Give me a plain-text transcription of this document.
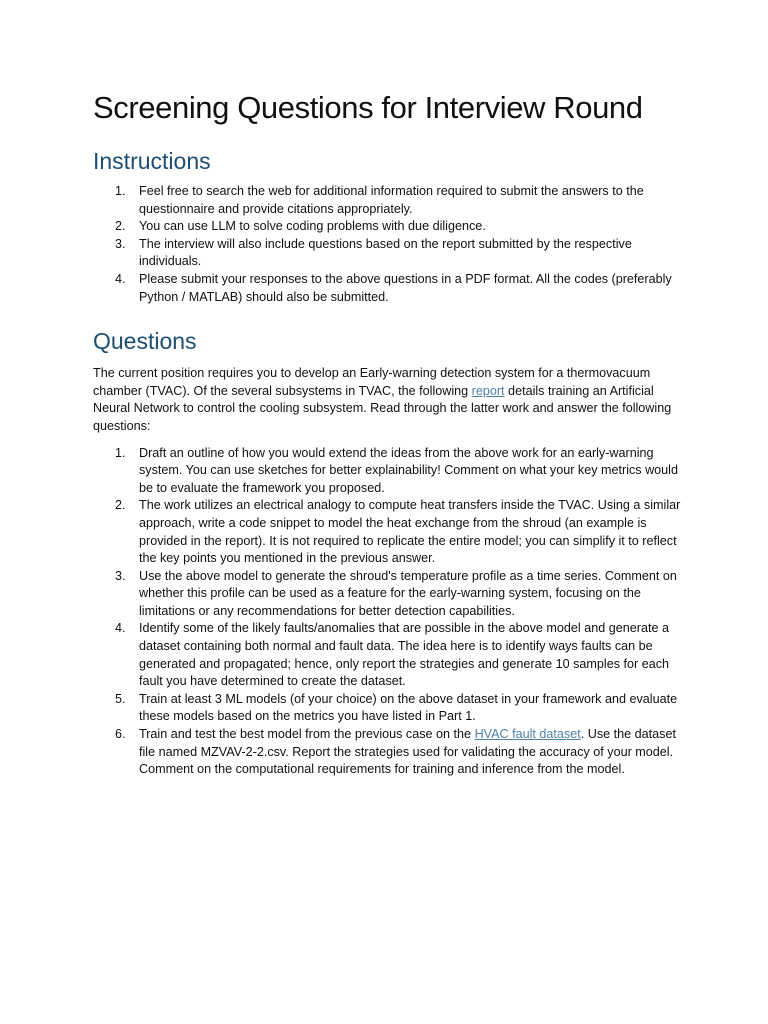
Screening Questions for Interview Round
Instructions
1. Feel free to search the web for additional information required to submit the answers to the questionnaire and provide citations appropriately.
2. You can use LLM to solve coding problems with due diligence.
3. The interview will also include questions based on the report submitted by the respective individuals.
4. Please submit your responses to the above questions in a PDF format. All the codes (preferably Python / MATLAB) should also be submitted.
Questions

The current position requires you to develop an Early-warning detection system for a thermovacuum chamber (TVAC). Of the several subsystems in TVAC, the following report details training an Artificial Neural Network to control the cooling subsystem. Read through the latter work and answer the following questions:

1. Draft an outline of how you would extend the ideas from the above work for an early-warning system. You can use sketches for better explainability! Comment on what your key metrics would be to evaluate the framework you proposed.
2. The work utilizes an electrical analogy to compute heat transfers inside the TVAC. Using a similar approach, write a code snippet to model the heat exchange from the shroud (an example is provided in the report). It is not required to replicate the entire model; you can simplify it to reflect the key points you mentioned in the previous answer.
3. Use the above model to generate the shroud's temperature profile as a time series. Comment on whether this profile can be used as a feature for the early-warning system, focusing on the limitations or any recommendations for better detection capabilities.
4. Identify some of the likely faults/anomalies that are possible in the above model and generate a dataset containing both normal and fault data. The idea here is to identify ways faults can be generated and propagated; hence, only report the strategies and generate 10 samples for each fault you have determined to create the dataset.
5. Train at least 3 ML models (of your choice) on the above dataset in your framework and evaluate these models based on the metrics you have listed in Part 1.
6. Train and test the best model from the previous case on the HVAC fault dataset. Use the dataset file named MZVAV-2-2.csv. Report the strategies used for validating the accuracy of your model. Comment on the computational requirements for training and inference from the model.
